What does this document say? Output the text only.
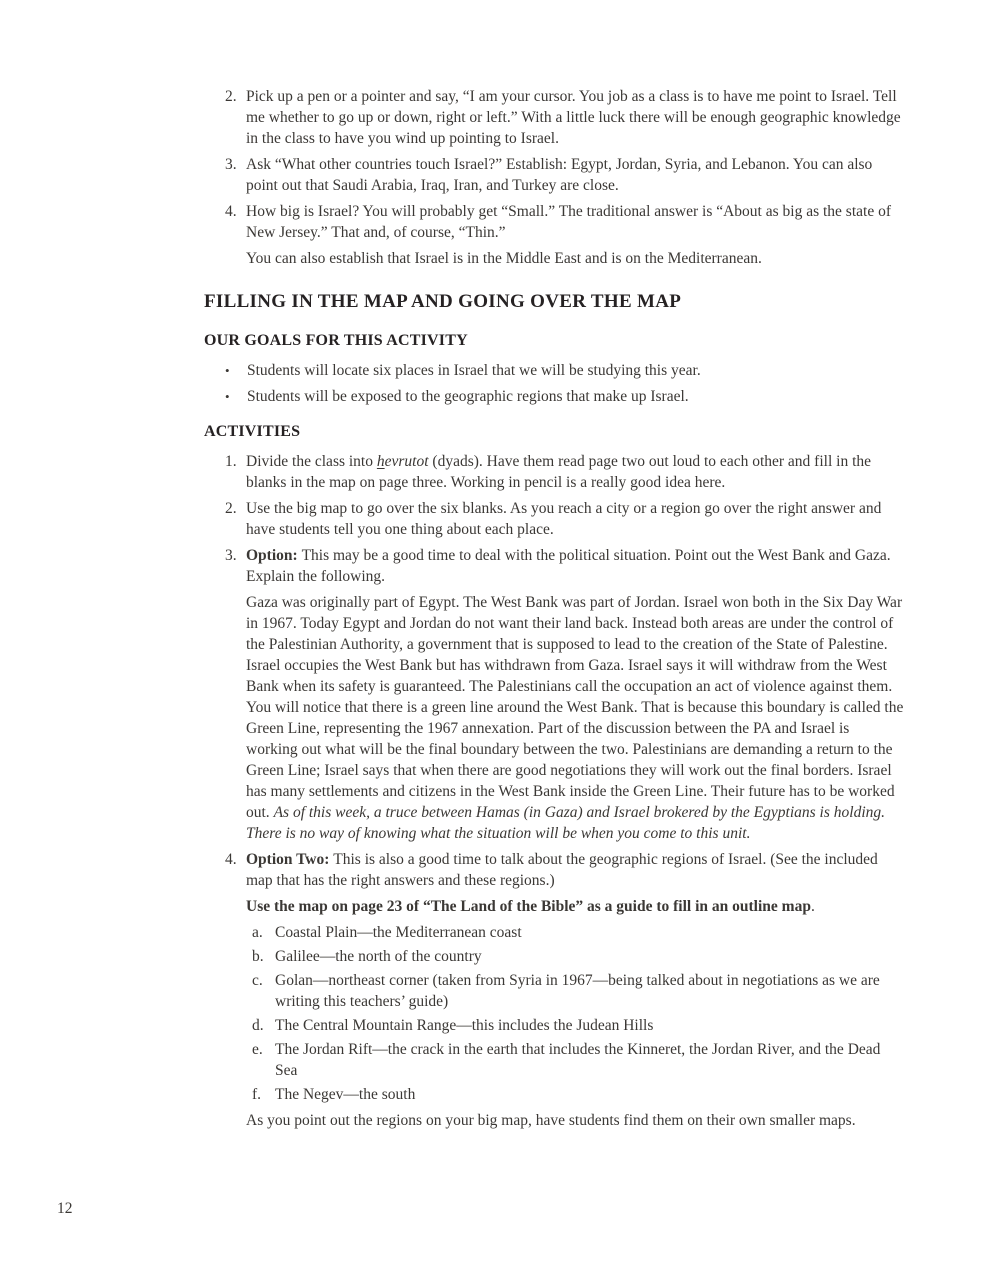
2. Pick up a pen or a pointer and say, “I am your cursor. You job as a class is to have me point to Israel. Tell me whether to go up or down, right or left.” With a little luck there will be enough geographic knowledge in the class to have you wind up pointing to Israel.
3. Ask “What other countries touch Israel?” Establish: Egypt, Jordan, Syria, and Lebanon. You can also point out that Saudi Arabia, Iraq, Iran, and Turkey are close.
4. How big is Israel? You will probably get “Small.” The traditional answer is “About as big as the state of New Jersey.” That and, of course, “Thin.”
You can also establish that Israel is in the Middle East and is on the Mediterranean.
FILLING IN THE MAP AND GOING OVER THE MAP
OUR GOALS FOR THIS ACTIVITY
•	Students will locate six places in Israel that we will be studying this year.
•	Students will be exposed to the geographic regions that make up Israel.
ACTIVITIES
1. Divide the class into hevrutot (dyads). Have them read page two out loud to each other and fill in the blanks in the map on page three. Working in pencil is a really good idea here.
2. Use the big map to go over the six blanks. As you reach a city or a region go over the right answer and have students tell you one thing about each place.
3. Option: This may be a good time to deal with the political situation. Point out the West Bank and Gaza. Explain the following.

Gaza was originally part of Egypt. The West Bank was part of Jordan. Israel won both in the Six Day War in 1967. Today Egypt and Jordan do not want their land back. Instead both areas are under the control of the Palestinian Authority, a government that is supposed to lead to the creation of the State of Palestine. Israel occupies the West Bank but has withdrawn from Gaza. Israel says it will withdraw from the West Bank when its safety is guaranteed. The Palestinians call the occupation an act of violence against them. You will notice that there is a green line around the West Bank. That is because this boundary is called the Green Line, representing the 1967 annexation. Part of the discussion between the PA and Israel is working out what will be the final boundary between the two. Palestinians are demanding a return to the Green Line; Israel says that when there are good negotiations they will work out the final borders. Israel has many settlements and citizens in the West Bank inside the Green Line. Their future has to be worked out. As of this week, a truce between Hamas (in Gaza) and Israel brokered by the Egyptians is holding. There is no way of knowing what the situation will be when you come to this unit.

4. Option Two: This is also a good time to talk about the geographic regions of Israel. (See the included map that has the right answers and these regions.)

Use the map on page 23 of “The Land of the Bible” as a guide to fill in an outline map.

a. Coastal Plain—the Mediterranean coast
b. Galilee—the north of the country
c. Golan—northeast corner (taken from Syria in 1967—being talked about in negotiations as we are writing this teachers’ guide)
d. The Central Mountain Range—this includes the Judean Hills
e. The Jordan Rift—the crack in the earth that includes the Kinneret, the Jordan River, and the Dead Sea
f. The Negev—the south

As you point out the regions on your big map, have students find them on their own smaller maps.

12
